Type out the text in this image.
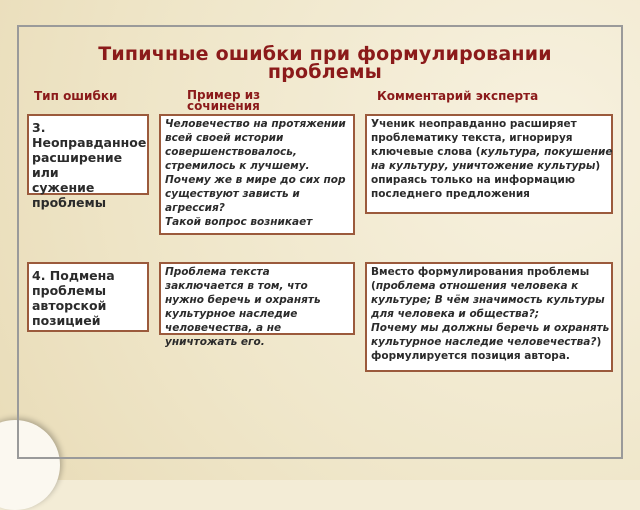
Типичные ошибки при формулировании проблемы
Тип ошибки	Пример из сочинения
Комментарий эксперта
3. Неоправданное
расширение или
сужение
проблемы
Человечество на протяжении
всей своей истории
совершенствовалось,
стремилось к лучшему.
Почему же в мире до сих пор
существуют зависть и агрессия?
Такой вопрос возникает
Ученик неоправданно расширяет
проблематику текста, игнорируя
ключевые слова (культура, покушение
на культуру, уничтожение культуры)
опираясь только на информацию
последнего предложения
4. Подмена
проблемы
авторской
позицией
Проблема текста
заключается в том, что
нужно беречь и охранять
культурное наследие
человечества, а не
уничтожать его.
Вместо формулирования проблемы
(проблема отношения человека к
культуре; В чём значимость культуры
для человека и общества?;
Почему мы должны беречь и охранять
культурное наследие человечества?)
формулируется позиция автора.
